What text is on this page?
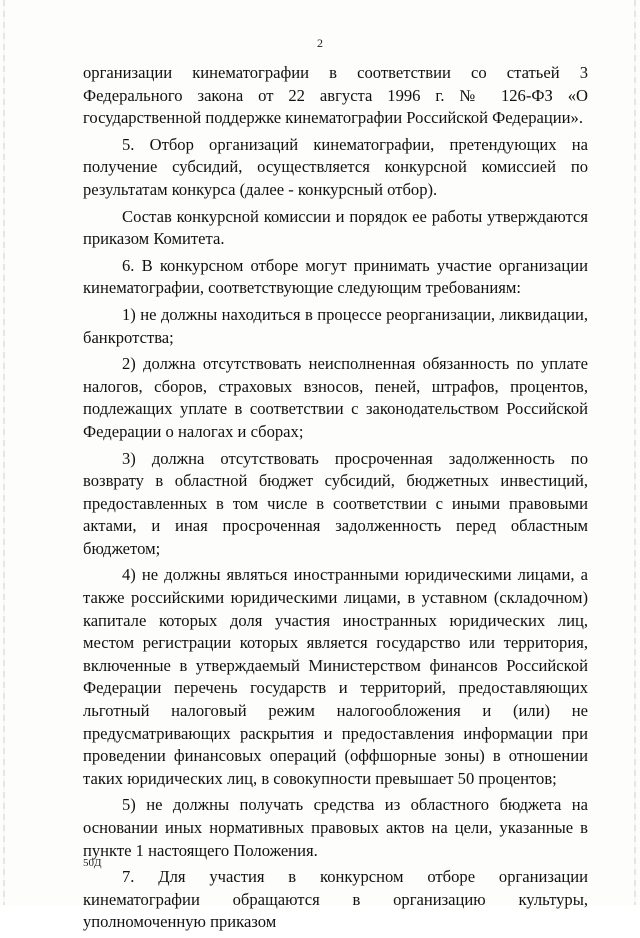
2

организации кинематографии в соответствии со статьей 3 Федерального закона от 22 августа 1996 г. № 126-ФЗ «О государственной поддержке кинематографии Российской Федерации».

5. Отбор организаций кинематографии, претендующих на получение субсидий, осуществляется конкурсной комиссией по результатам конкурса (далее - конкурсный отбор).

Состав конкурсной комиссии и порядок ее работы утверждаются приказом Комитета.

6. В конкурсном отборе могут принимать участие организации кинематографии, соответствующие следующим требованиям:

1) не должны находиться в процессе реорганизации, ликвидации, банкротства;

2) должна отсутствовать неисполненная обязанность по уплате налогов, сборов, страховых взносов, пеней, штрафов, процентов, подлежащих уплате в соответствии с законодательством Российской Федерации о налогах и сборах;

3) должна отсутствовать просроченная задолженность по возврату в областной бюджет субсидий, бюджетных инвестиций, предоставленных в том числе в соответствии с иными правовыми актами, и иная просроченная задолженность перед областным бюджетом;

4) не должны являться иностранными юридическими лицами, а также российскими юридическими лицами, в уставном (складочном) капитале которых доля участия иностранных юридических лиц, местом регистрации которых является государство или территория, включенные в утверждаемый Министерством финансов Российской Федерации перечень государств и территорий, предоставляющих льготный налоговый режим налогообложения и (или) не предусматривающих раскрытия и предоставления информации при проведении финансовых операций (оффшорные зоны) в отношении таких юридических лиц, в совокупности превышает 50 процентов;

5) не должны получать средства из областного бюджета на основании иных нормативных правовых актов на цели, указанные в пункте 1 настоящего Положения.

7. Для участия в конкурсном отборе организации кинематографии обращаются в организацию культуры, уполномоченную приказом

50Д
